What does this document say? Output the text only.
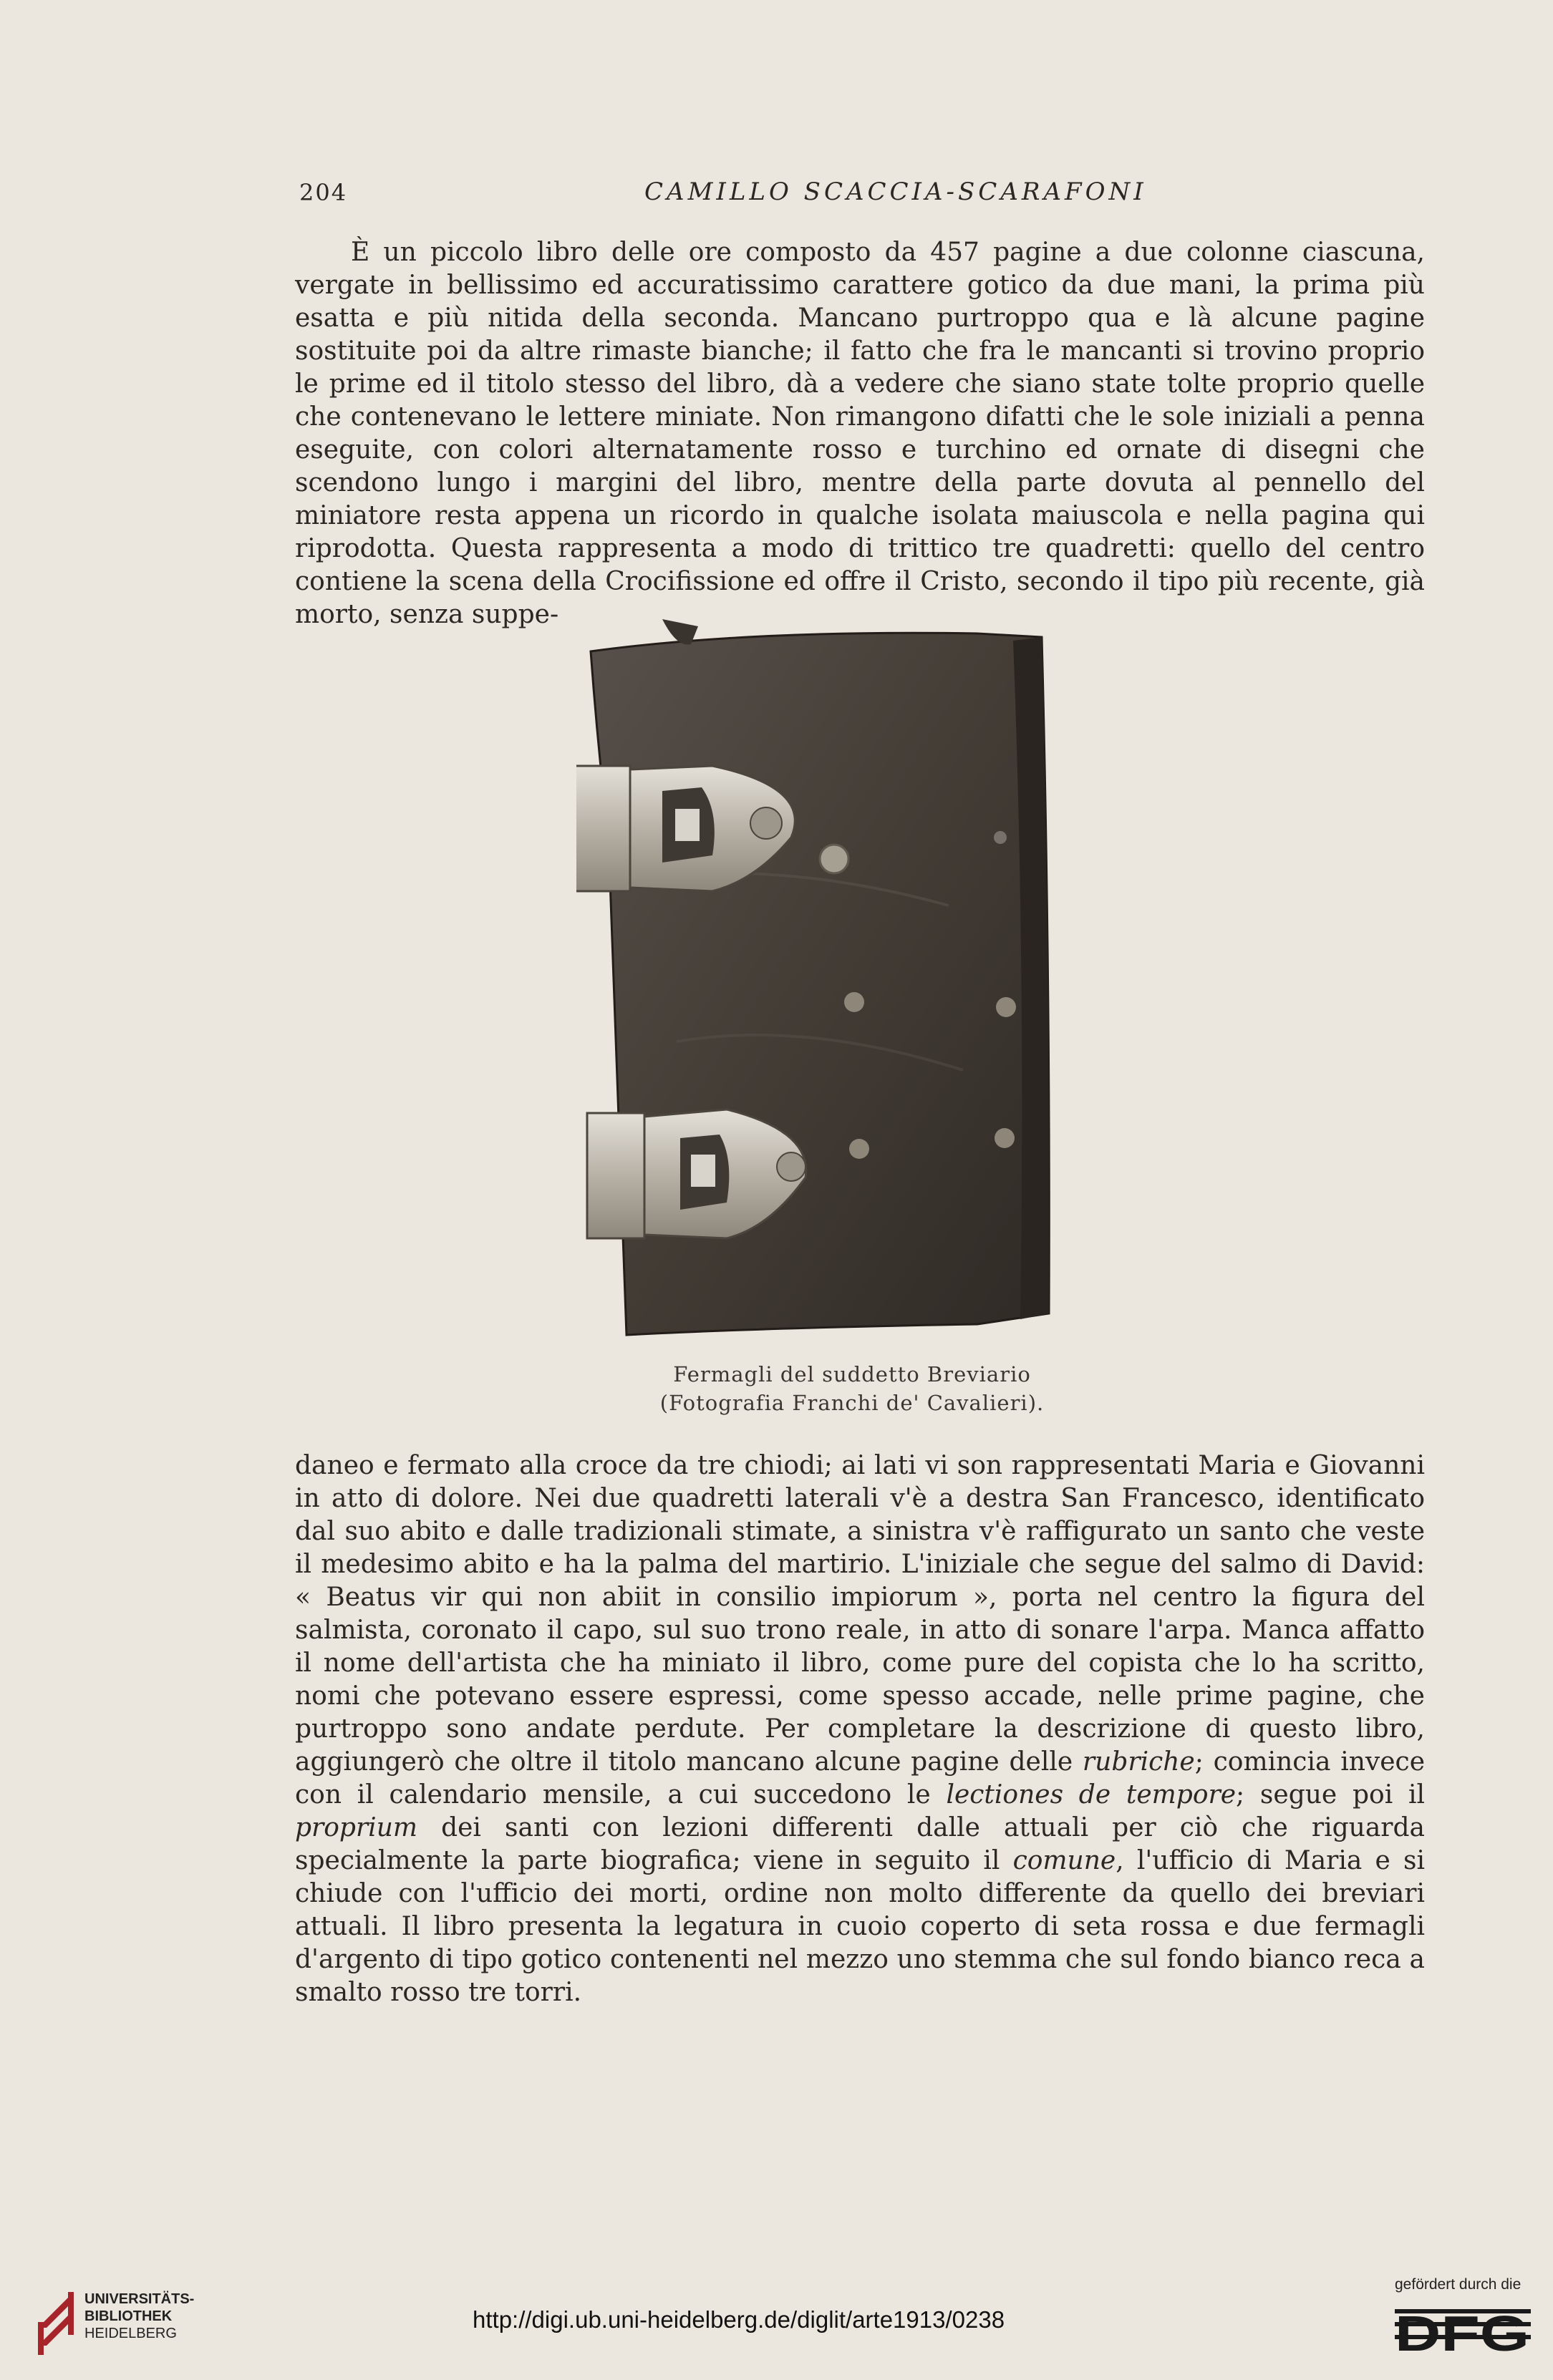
204	CAMILLO SCACCIA-SCARAFONI

È un piccolo libro delle ore composto da 457 pagine a due colonne ciascuna, vergate in bellissimo ed accuratissimo carattere gotico da due mani, la prima più esatta e più nitida della seconda. Mancano purtroppo qua e là alcune pagine sostituite poi da altre rimaste bianche; il fatto che fra le mancanti si trovino proprio le prime ed il titolo stesso del libro, dà a vedere che siano state tolte proprio quelle che contenevano le lettere miniate. Non rimangono difatti che le sole iniziali a penna eseguite, con colori alternatamente rosso e turchino ed ornate di disegni che scendono lungo i margini del libro, mentre della parte dovuta al pennello del miniatore resta appena un ricordo in qualche isolata maiuscola e nella pagina qui riprodotta. Questa rappresenta a modo di trittico tre quadretti: quello del centro contiene la scena della Crocifissione ed offre il Cristo, secondo il tipo più recente, già morto, senza suppe-

Fermagli del suddetto Breviario
(Fotografia Franchi de' Cavalieri).

daneo e fermato alla croce da tre chiodi; ai lati vi son rappresentati Maria e Giovanni in atto di dolore. Nei due quadretti laterali v'è a destra San Francesco, identificato dal suo abito e dalle tradizionali stimate, a sinistra v'è raffigurato un santo che veste il medesimo abito e ha la palma del martirio. L'iniziale che segue del salmo di David: « Beatus vir qui non abiit in consilio impiorum », porta nel centro la figura del salmista, coronato il capo, sul suo trono reale, in atto di sonare l'arpa. Manca affatto il nome dell'artista che ha miniato il libro, come pure del copista che lo ha scritto, nomi che potevano essere espressi, come spesso accade, nelle prime pagine, che purtroppo sono andate perdute. Per completare la descrizione di questo libro, aggiungerò che oltre il titolo mancano alcune pagine delle rubriche; comincia invece con il calendario mensile, a cui succedono le lectiones de tempore; segue poi il proprium dei santi con lezioni differenti dalle attuali per ciò che riguarda specialmente la parte biografica; viene in seguito il comune, l'ufficio di Maria e si chiude con l'ufficio dei morti, ordine non molto differente da quello dei breviari attuali. Il libro presenta la legatura in cuoio coperto di seta rossa e due fermagli d'argento di tipo gotico contenenti nel mezzo uno stemma che sul fondo bianco reca a smalto rosso tre torri.

UNIVERSITÄTS-
BIBLIOTHEK
HEIDELBERG
http://digi.ub.uni-heidelberg.de/diglit/arte1913/0238
gefördert durch die
DFG
